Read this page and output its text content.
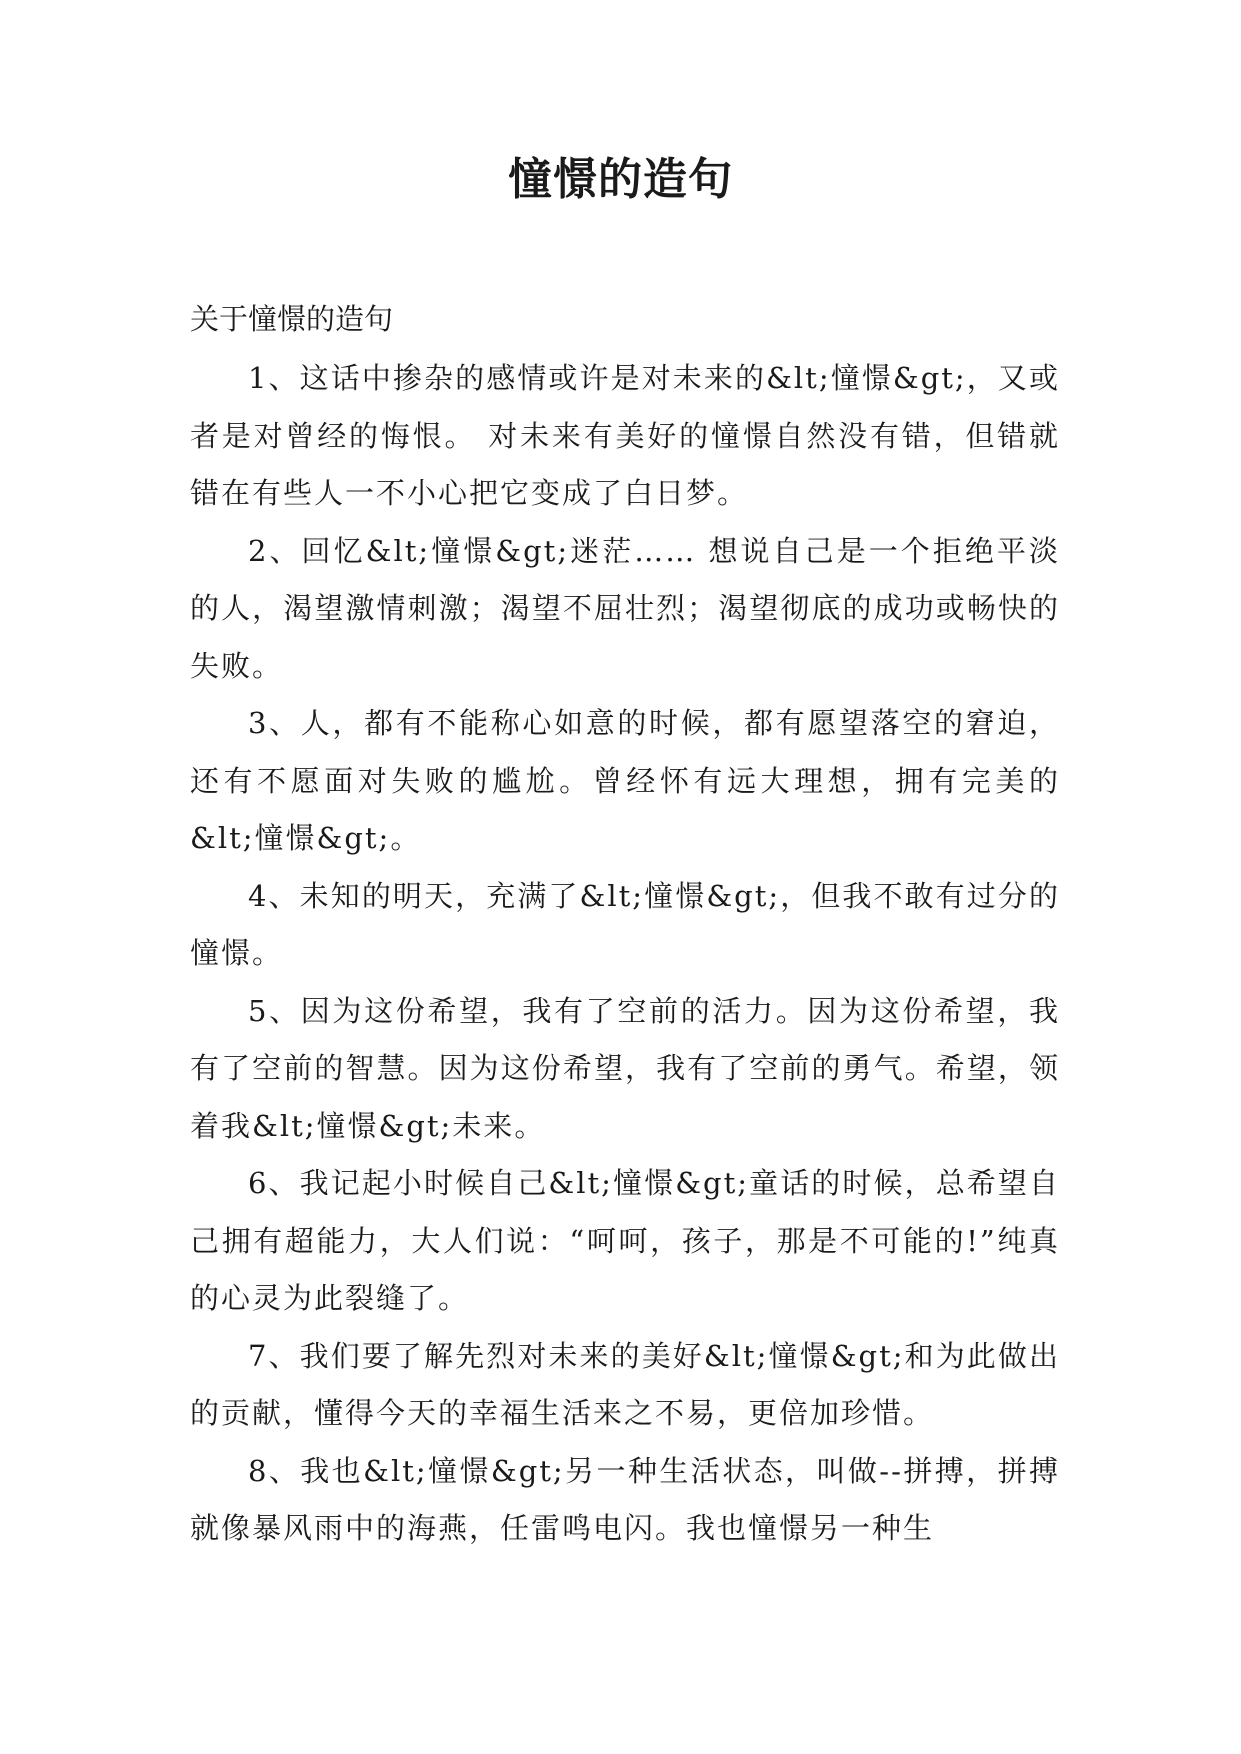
憧憬的造句

关于憧憬的造句

1、这话中掺杂的感情或许是对未来的&lt;憧憬&gt;，又或者是对曾经的悔恨。 对未来有美好的憧憬自然没有错，但错就错在有些人一不小心把它变成了白日梦。

2、回忆&lt;憧憬&gt;迷茫…… 想说自己是一个拒绝平淡的人，渴望激情刺激；渴望不屈壮烈；渴望彻底的成功或畅快的失败。

3、人，都有不能称心如意的时候，都有愿望落空的窘迫，还有不愿面对失败的尴尬。曾经怀有远大理想，拥有完美的&lt;憧憬&gt;。

4、未知的明天，充满了&lt;憧憬&gt;，但我不敢有过分的憧憬。

5、因为这份希望，我有了空前的活力。因为这份希望，我有了空前的智慧。因为这份希望，我有了空前的勇气。希望，领着我&lt;憧憬&gt;未来。

6、我记起小时候自己&lt;憧憬&gt;童话的时候，总希望自己拥有超能力，大人们说：“呵呵，孩子，那是不可能的!”纯真的心灵为此裂缝了。

7、我们要了解先烈对未来的美好&lt;憧憬&gt;和为此做出的贡献，懂得今天的幸福生活来之不易，更倍加珍惜。

8、我也&lt;憧憬&gt;另一种生活状态，叫做--拼搏，拼搏就像暴风雨中的海燕，任雷鸣电闪。我也憧憬另一种生
